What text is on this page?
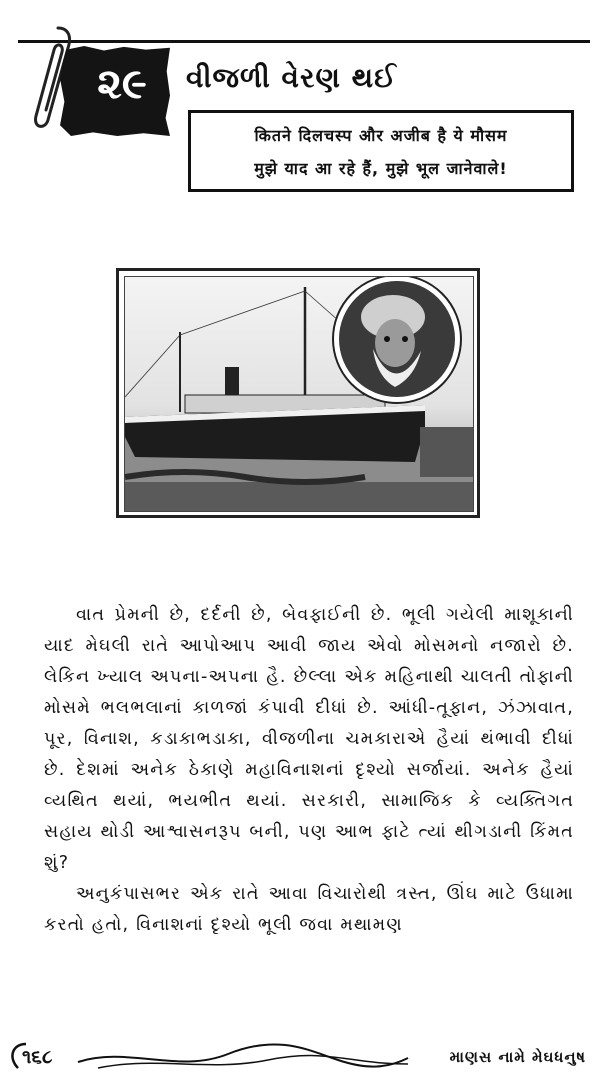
૨૯	વીજળી વેરણ થઈ
कितने दिलचस्प और अजीब है ये मौसम
मुझे याद आ रहे हैं, मुझे भूल जानेवाले!

વાત પ્રેમની છે, દર્દની છે, બેવફાઈની છે. ભૂલી ગયેલી માશૂકાની યાદ મેઘલી રાતે આપોઆપ આવી જાય એવો મોસમનો નજારો છે. લેકિન ખ્યાલ અપના-અપના હૈ. છેલ્લા એક મહિનાથી ચાલતી તોફાની મોસમે ભલભલાનાં કાળજાં કંપાવી દીધાં છે. આંધી-તૂફાન, ઝંઝાવાત, પૂર, વિનાશ, કડાકાભડાકા, વીજળીના ચમકારાએ હૈયાં થંભાવી દીધાં છે. દેશમાં અનેક ઠેકાણે મહાવિનાશનાં દૃશ્યો સર્જાયાં. અનેક હૈયાં વ્યથિત થયાં, ભયભીત થયાં. સરકારી, સામાજિક કે વ્યક્તિગત સહાય થોડી આશ્વાસનરૂપ બની, પણ આભ ફાટે ત્યાં થીગડાની કિંમત શું?

અનુકંપાસભર એક રાતે આવા વિચારોથી ત્રસ્ત, ઊંઘ માટે ઉધામા કરતો હતો, વિનાશનાં દૃશ્યો ભૂલી જવા મથામણ

૧૬૮	માણસ નામે મેઘધનુષ
